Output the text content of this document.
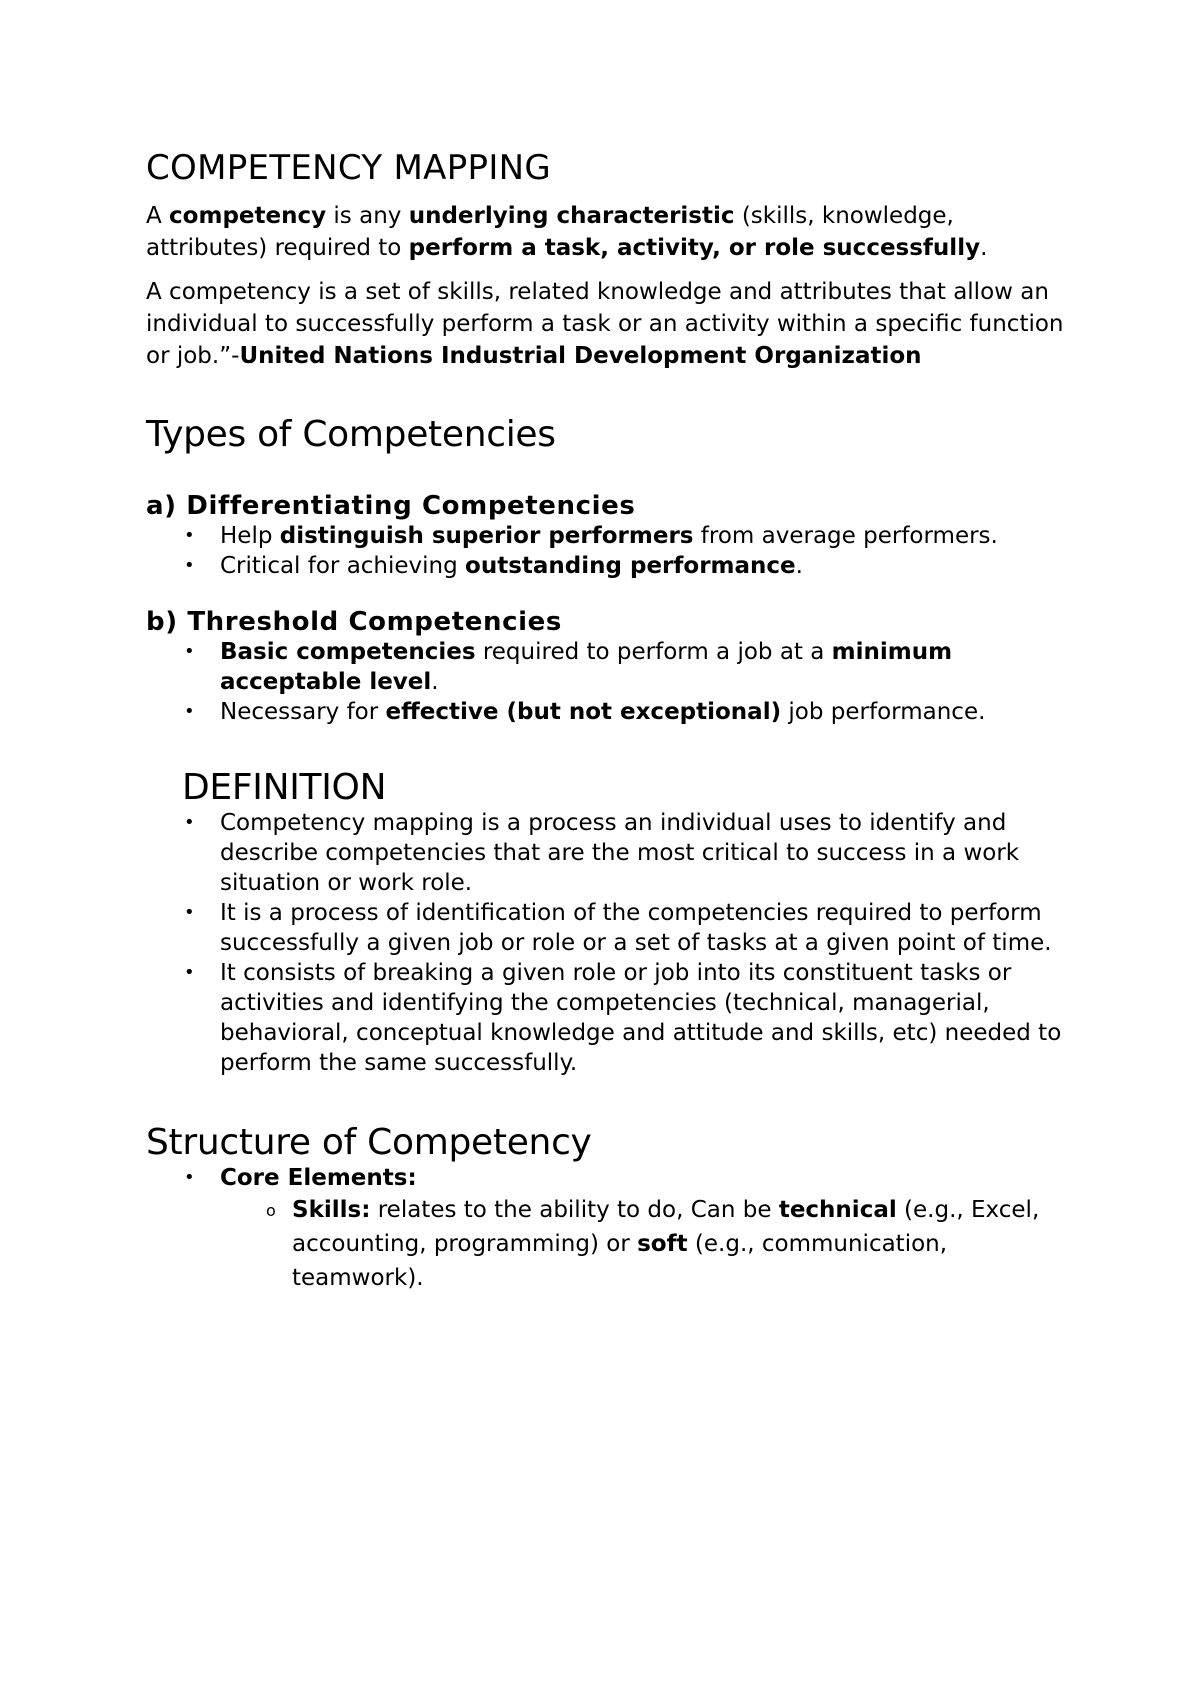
COMPETENCY MAPPING

A competency is any underlying characteristic (skills, knowledge, attributes) required to perform a task, activity, or role successfully.

A competency is a set of skills, related knowledge and attributes that allow an individual to successfully perform a task or an activity within a specific function or job.”-United Nations Industrial Development Organization

Types of Competencies
a) Differentiating Competencies
• Help distinguish superior performers from average performers.
• Critical for achieving outstanding performance.
b) Threshold Competencies
• Basic competencies required to perform a job at a minimum acceptable level.
• Necessary for effective (but not exceptional) job performance.
DEFINITION
• Competency mapping is a process an individual uses to identify and describe competencies that are the most critical to success in a work situation or work role.
• It is a process of identification of the competencies required to perform successfully a given job or role or a set of tasks at a given point of time.
• It consists of breaking a given role or job into its constituent tasks or activities and identifying the competencies (technical, managerial, behavioral, conceptual knowledge and attitude and skills, etc) needed to perform the same successfully.
Structure of Competency
• Core Elements:
o Skills: relates to the ability to do, Can be technical (e.g., Excel, accounting, programming) or soft (e.g., communication, teamwork).
